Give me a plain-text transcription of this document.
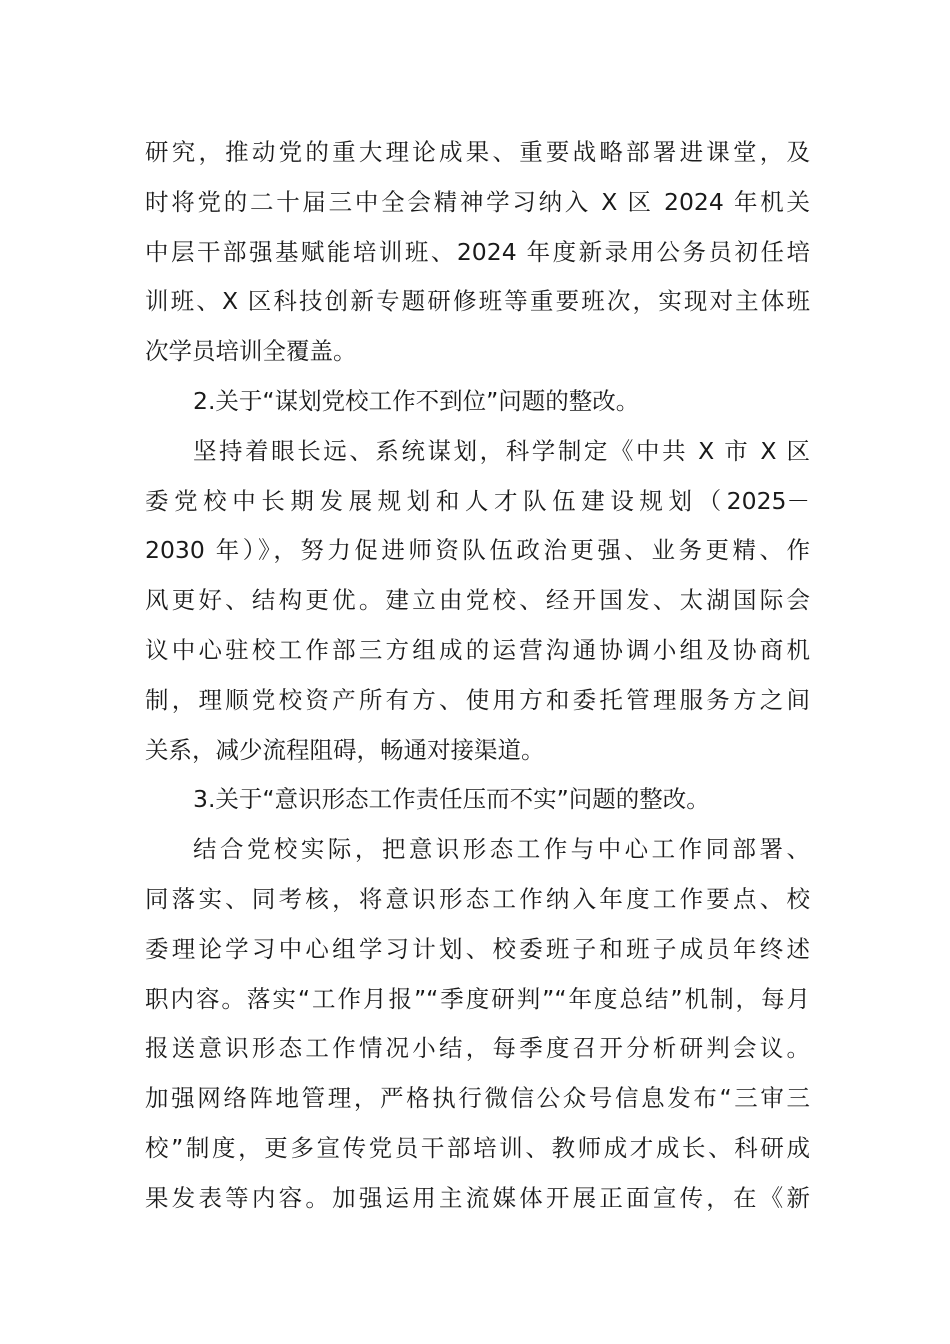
研究，推动党的重大理论成果、重要战略部署进课堂，及
时将党的二十届三中全会精神学习纳入 X 区 2024 年机关
中层干部强基赋能培训班、2024 年度新录用公务员初任培
训班、X 区科技创新专题研修班等重要班次，实现对主体班
次学员培训全覆盖。
2.关于“谋划党校工作不到位”问题的整改。
坚持着眼长远、系统谋划，科学制定《中共 X 市 X 区
委党校中长期发展规划和人才队伍建设规划（2025－
2030 年）》，努力促进师资队伍政治更强、业务更精、作
风更好、结构更优。建立由党校、经开国发、太湖国际会
议中心驻校工作部三方组成的运营沟通协调小组及协商机
制，理顺党校资产所有方、使用方和委托管理服务方之间
关系，减少流程阻碍，畅通对接渠道。
3.关于“意识形态工作责任压而不实”问题的整改。
结合党校实际，把意识形态工作与中心工作同部署、
同落实、同考核，将意识形态工作纳入年度工作要点、校
委理论学习中心组学习计划、校委班子和班子成员年终述
职内容。落实“工作月报”“季度研判”“年度总结”机制，每月
报送意识形态工作情况小结，每季度召开分析研判会议。
加强网络阵地管理，严格执行微信公众号信息发布“三审三
校”制度，更多宣传党员干部培训、教师成才成长、科研成
果发表等内容。加强运用主流媒体开展正面宣传，在《新
